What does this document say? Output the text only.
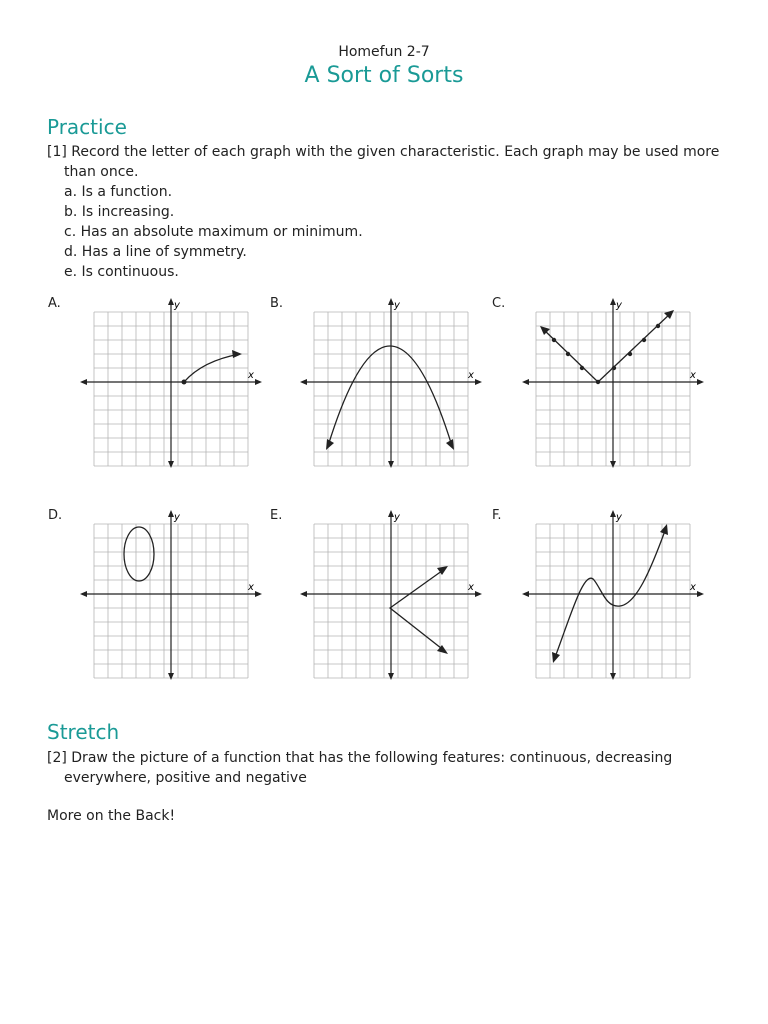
Homefun 2-7
A Sort of Sorts
Practice

[1] Record the letter of each graph with the given characteristic. Each graph may be used more
than once.

a. Is a function.
b. Is increasing.
c. Has an absolute maximum or minimum.
d. Has a line of symmetry.
e. Is continuous.
A.	B.	C.
D.	E.	F.
y
x
y
x
y
x
y
x
y
x
y
x
Stretch

[2] Draw the picture of a function that has the following features: continuous, decreasing
everywhere, positive and negative

More on the Back!
